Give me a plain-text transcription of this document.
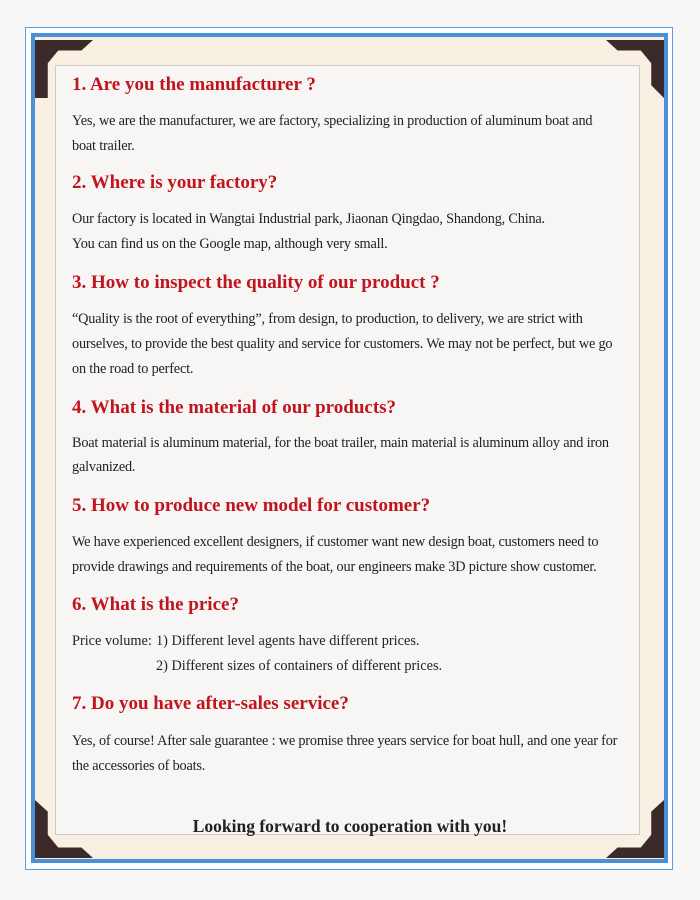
1. Are you the manufacturer ?
Yes, we are the manufacturer, we are factory, specializing in production of aluminum boat and
boat trailer.
2. Where is your factory?
Our factory is located in Wangtai Industrial park, Jiaonan Qingdao, Shandong, China.
You can find us on the Google map, although very small.
3. How to inspect the quality of our product ?
“Quality is the root of everything”, from design, to production, to delivery, we are strict with
ourselves, to provide the best quality and service for customers. We may not be perfect, but we go
on the road to perfect.
4. What is the material of our products?
Boat material is aluminum material, for the boat trailer, main material is aluminum alloy and iron
galvanized.
5. How to produce new model for customer?
We have experienced excellent designers, if customer want new design boat, customers need to
provide drawings and requirements of the boat, our engineers make 3D picture show customer.
6. What is the price?
Price volume: 1) Different level agents have different prices.
2) Different sizes of containers of different prices.
7. Do you have after-sales service?
Yes, of course! After sale guarantee : we promise three years service for boat hull, and one year for
the accessories of boats.
Looking forward to cooperation with you!
